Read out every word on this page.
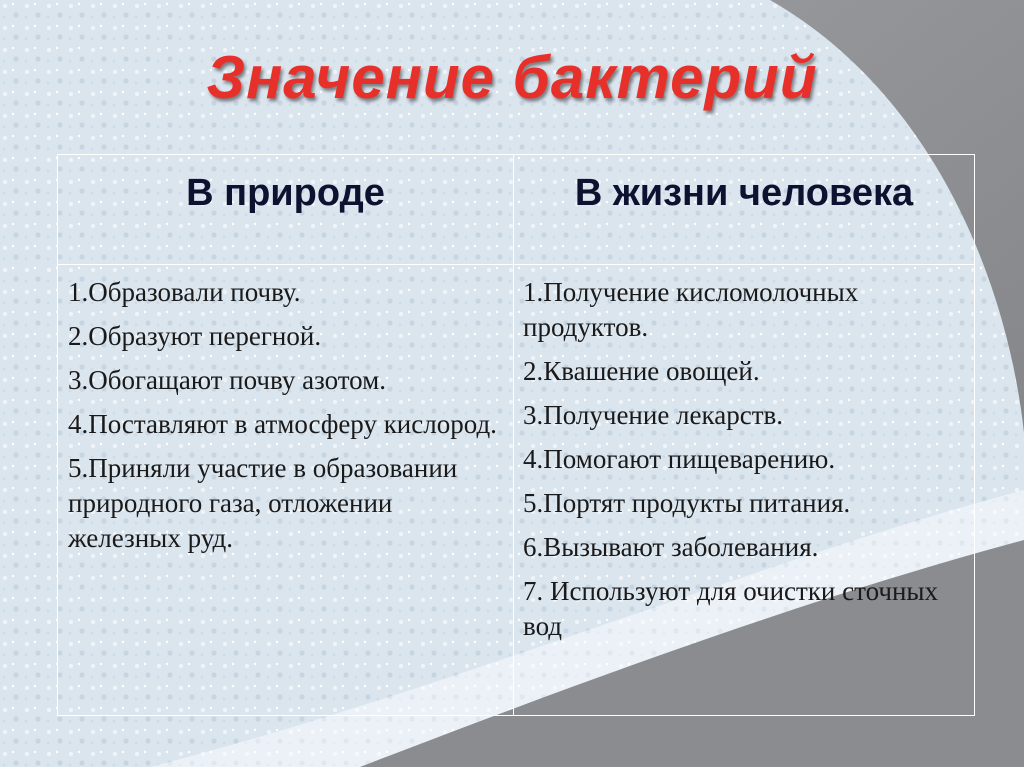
Значение бактерий
В природе	В жизни человека
1.Образовали почву.
2.Образуют перегной.
3.Обогащают почву азотом.
4.Поставляют в атмосферу кислород.
5.Приняли участие в образовании природного газа, отложении железных руд.
1.Получение кисломолочных продуктов.
2.Квашение овощей.
3.Получение лекарств.
4.Помогают пищеварению.
5.Портят продукты питания.
6.Вызывают заболевания.
7. Используют для очистки сточных вод
